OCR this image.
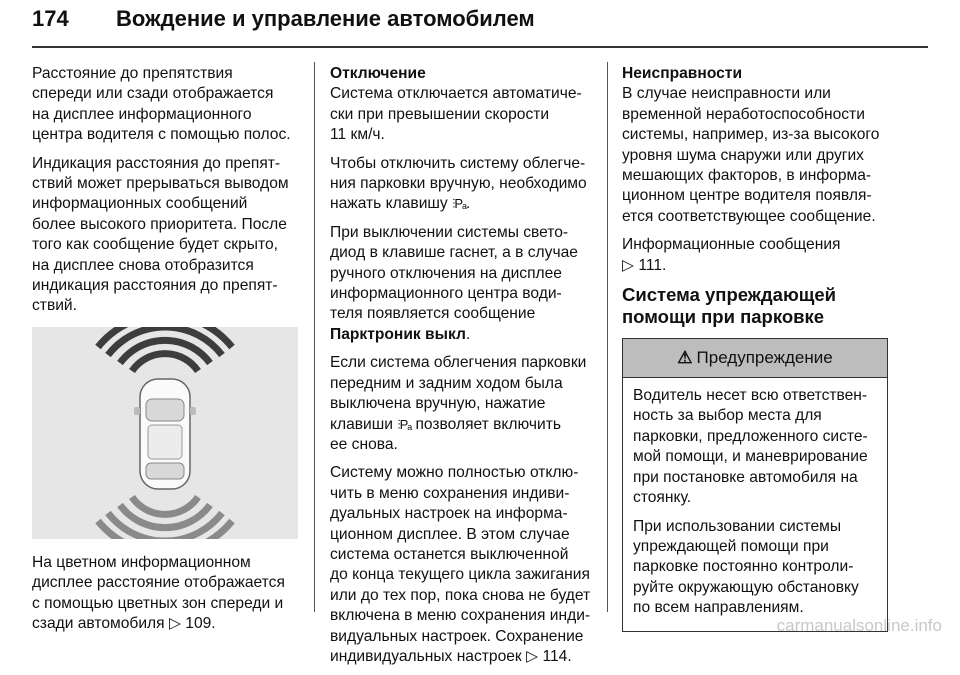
174 Вождение и управление автомобилем

Расстояние до препятствия
спереди или сзади отображается
на дисплее информационного
центра водителя с помощью полос.

Индикация расстояния до препят-
ствий может прерываться выводом
информационных сообщений
более высокого приоритета. После
того как сообщение будет скрыто,
на дисплее снова отобразится
индикация расстояния до препят-
ствий.

На цветном информационном
дисплее расстояние отображается
с помощью цветных зон спереди и
сзади автомобиля ▷ 109.

Отключение

Система отключается автоматиче-
ски при превышении скорости
11 км/ч.

Чтобы отключить систему облегче-
ния парковки вручную, необходимо
нажать клавишу ⫶Pₐ.

При выключении системы свето-
диод в клавише гаснет, а в случае
ручного отключения на дисплее
информационного центра води-
теля появляется сообщение
Парктроник выкл.

Если система облегчения парковки
передним и задним ходом была
выключена вручную, нажатие
клавиши ⫶Pₐ позволяет включить
ее снова.

Систему можно полностью отклю-
чить в меню сохранения индиви-
дуальных настроек на информа-
ционном дисплее. В этом случае
система останется выключенной
до конца текущего цикла зажигания
или до тех пор, пока снова не будет
включена в меню сохранения инди-
видуальных настроек. Сохранение
индивидуальных настроек ▷ 114.

Неисправности

В случае неисправности или
временной неработоспособности
системы, например, из-за высокого
уровня шума снаружи или других
мешающих факторов, в информа-
ционном центре водителя появля-
ется соответствующее сообщение.

Информационные сообщения
▷ 111.

Система упреждающей
помощи при парковке
⚠ Предупреждение

Водитель несет всю ответствен-
ность за выбор места для
парковки, предложенного систе-
мой помощи, и маневрирование
при постановке автомобиля на
стоянку.

При использовании системы
упреждающей помощи при
парковке постоянно контроли-
руйте окружающую обстановку
по всем направлениям.

carmanualsonline.info
